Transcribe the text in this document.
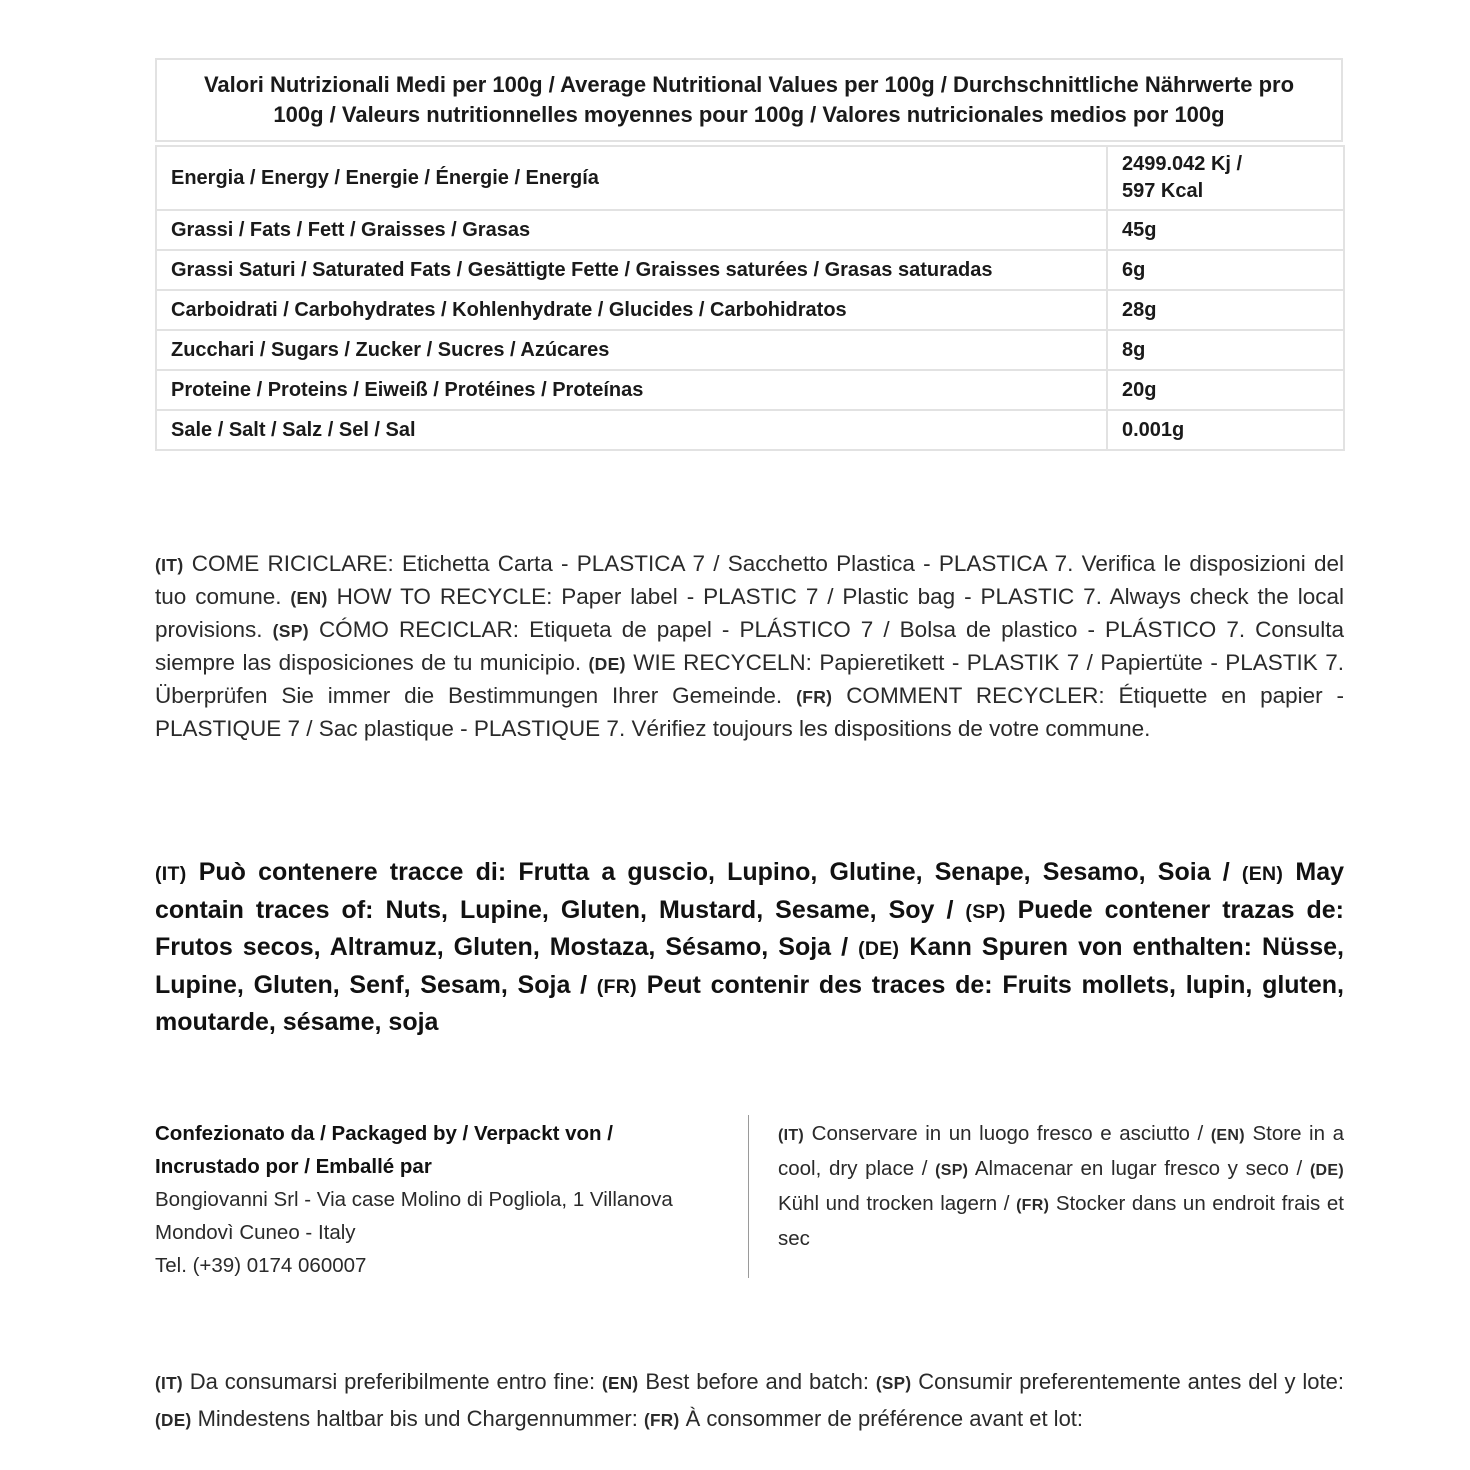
Valori Nutrizionali Medi per 100g / Average Nutritional Values per 100g / Durchschnittliche Nährwerte pro 100g / Valeurs nutritionnelles moyennes pour 100g / Valores nutricionales medios por 100g
Energia / Energy / Energie / Énergie / Energía	2499.042 Kj /
597 Kcal
Grassi / Fats / Fett / Graisses / Grasas	45g
Grassi Saturi / Saturated Fats / Gesättigte Fette / Graisses saturées / Grasas saturadas	6g
Carboidrati / Carbohydrates / Kohlenhydrate / Glucides / Carbohidratos	28g
Zucchari / Sugars / Zucker / Sucres / Azúcares	8g
Proteine / Proteins / Eiweiß / Protéines / Proteínas	20g
Sale / Salt / Salz / Sel / Sal	0.001g
(IT) COME RICICLARE: Etichetta Carta - PLASTICA 7 / Sacchetto Plastica - PLASTICA 7. Verifica le disposizioni del tuo comune. (EN) HOW TO RECYCLE: Paper label - PLASTIC 7 / Plastic bag - PLASTIC 7. Always check the local provisions. (SP) CÓMO RECICLAR: Etiqueta de papel - PLÁSTICO 7 / Bolsa de plastico - PLÁSTICO 7. Consulta siempre las disposiciones de tu municipio. (DE) WIE RECYCELN: Papieretikett - PLASTIK 7 / Papiertüte - PLASTIK 7. Überprüfen Sie immer die Bestimmungen Ihrer Gemeinde. (FR) COMMENT RECYCLER: Étiquette en papier - PLASTIQUE 7 / Sac plastique - PLASTIQUE 7. Vérifiez toujours les dispositions de votre commune.
(IT) Può contenere tracce di: Frutta a guscio, Lupino, Glutine, Senape, Sesamo, Soia / (EN) May contain traces of: Nuts, Lupine, Gluten, Mustard, Sesame, Soy / (SP) Puede contener trazas de: Frutos secos, Altramuz, Gluten, Mostaza, Sésamo, Soja / (DE) Kann Spuren von enthalten: Nüsse, Lupine, Gluten, Senf, Sesam, Soja / (FR) Peut contenir des traces de: Fruits mollets, lupin, gluten, moutarde, sésame, soja
Confezionato da / Packaged by / Verpackt von /
Incrustado por / Emballé par
Bongiovanni Srl - Via case Molino di Pogliola, 1 Villanova
Mondovì Cuneo - Italy
Tel. (+39) 0174 060007
(IT) Conservare in un luogo fresco e asciutto / (EN) Store in a cool, dry place / (SP) Almacenar en lugar fresco y seco / (DE) Kühl und trocken lagern / (FR) Stocker dans un endroit frais et sec
(IT) Da consumarsi preferibilmente entro fine: (EN) Best before and batch: (SP) Consumir preferentemente antes del y lote: (DE) Mindestens haltbar bis und Chargennummer: (FR) À consommer de préférence avant et lot:
